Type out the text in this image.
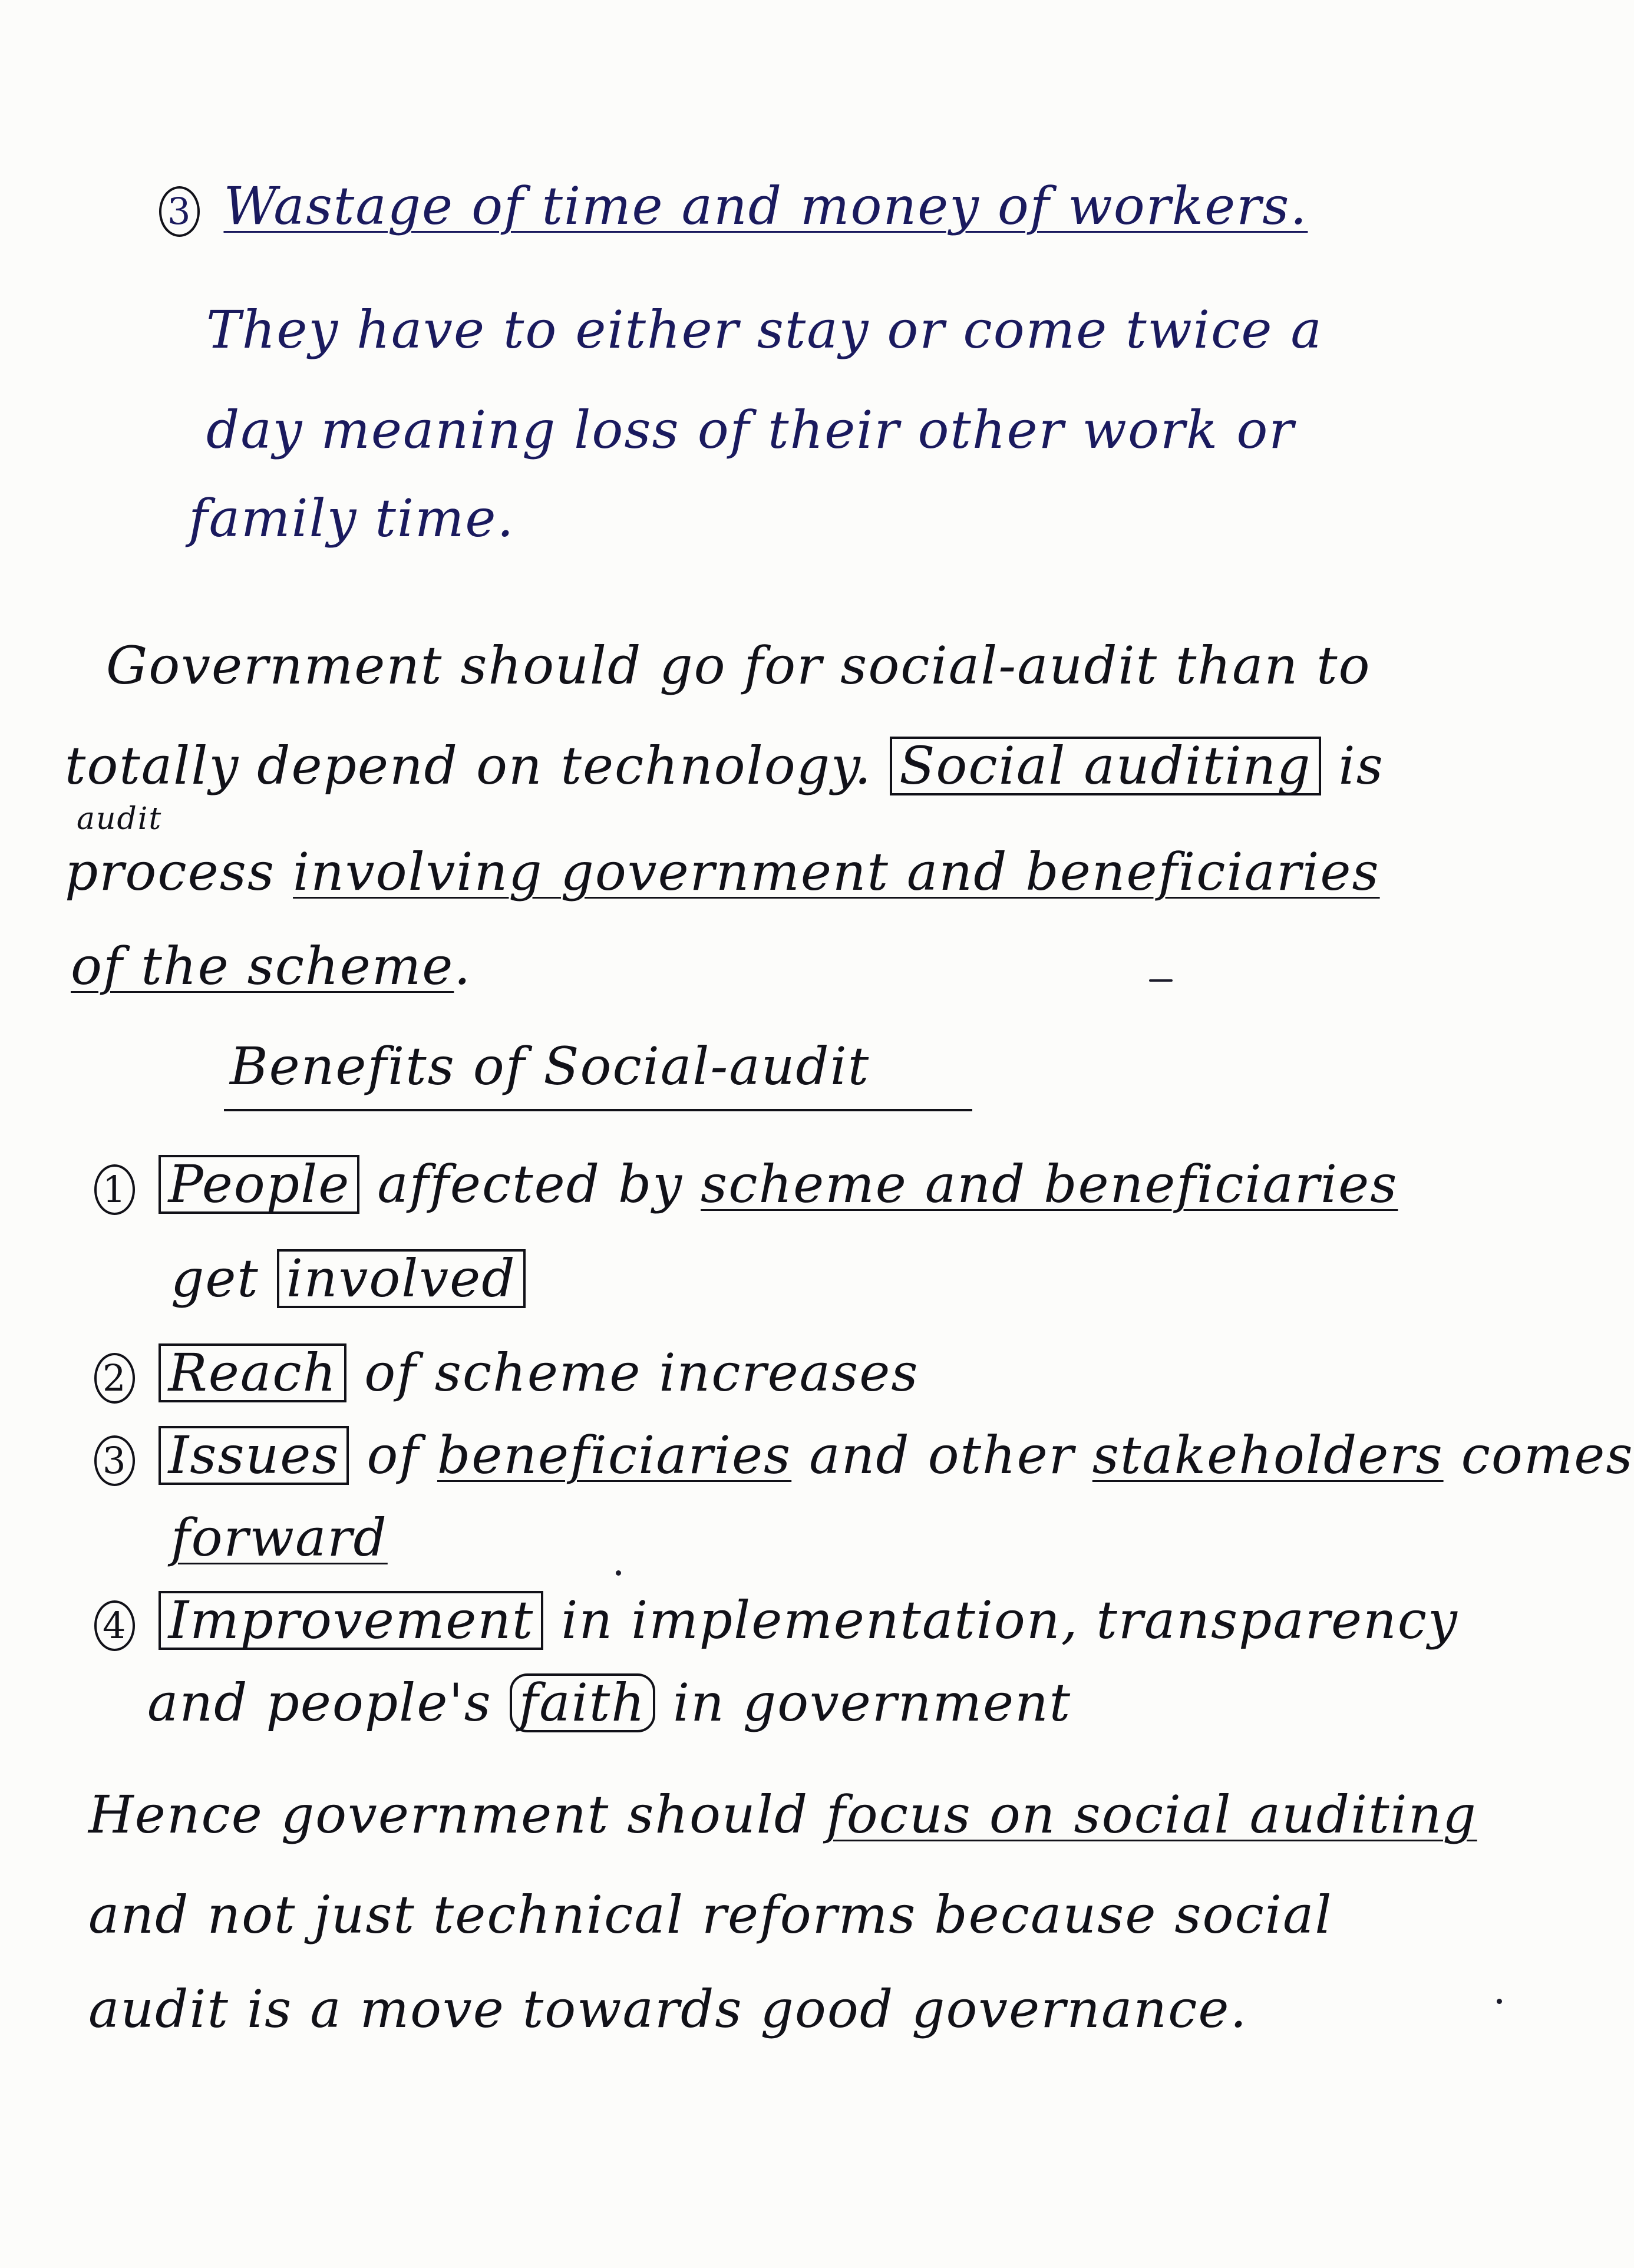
3 Wastage of time and money of workers.
They have to either stay or come twice a
day meaning loss of their other work or
family time.
Government should go for social-audit than to
totally depend on technology. Social auditing is
audit
process involving government and beneficiaries
of the scheme.
Benefits of Social-audit
1 People affected by scheme and beneficiaries
get involved
2 Reach of scheme increases
3 Issues of beneficiaries and other stakeholders comes
forward
4 Improvement in implementation, transparency
and people's faith in government
Hence government should focus on social auditing
and not just technical reforms because social
audit is a move towards good governance.
